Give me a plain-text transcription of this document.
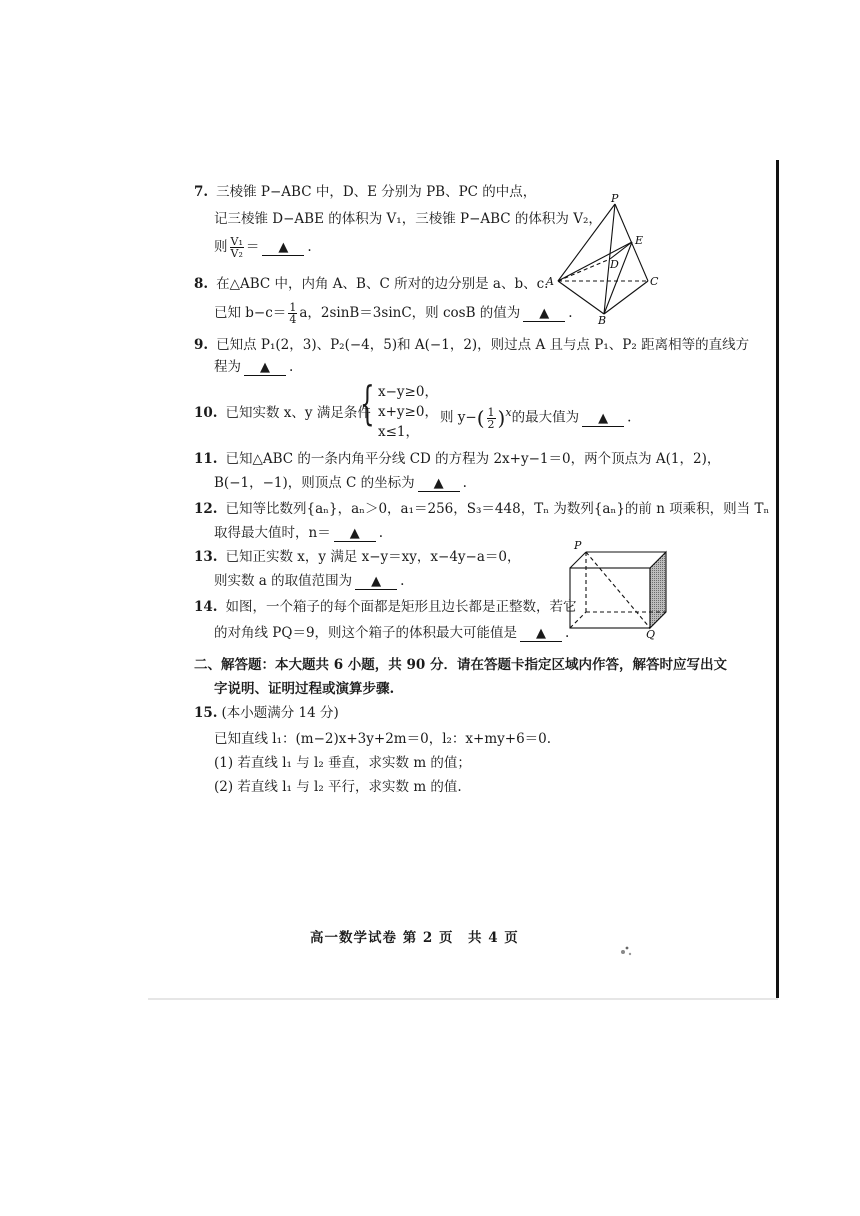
7. 三棱锥 P−ABC 中，D、E 分别为 PB、PC 的中点，
记三棱锥 D−ABE 的体积为 V₁，三棱锥 P−ABC 的体积为 V₂，
则 $\frac{\text{V₁}}{\text{V₂}}$ ＝ ▲ .
P
E
D
A	C
B
8. 在△ABC 中，内角 A、B、C 所对的边分别是 a、b、c.
已知 $b-c= \frac{1}{4}$ a，2sinB＝3sinC，则 cosB 的值为 ▲ .
9. 已知点 P₁(2，3)、P₂(−4，5)和 A(−1，2)，则过点 A 且与点 P₁、P₂ 距离相等的直线方
程为 ▲ .
10. 已知实数 x、y 满足条件
{ x−y≥0，
x+y≥0，
x≤1，
则 $y-( \frac{1}{2} )^x$的最大值为 ▲ .
11. 已知△ABC 的一条内角平分线 CD 的方程为 2x+y−1＝0，两个顶点为 A(1，2)，
B(−1，−1)，则顶点 C 的坐标为 ▲ .
12. 已知等比数列{aₙ}，aₙ＞0，a₁＝256，S₃＝448，Tₙ 为数列{aₙ}的前 n 项乘积，则当 Tₙ
取得最大值时，n＝ ▲ .
13. 已知正实数 x，y 满足 x−y＝xy，x−4y−a＝0，
则实数 a 的取值范围为 ▲ .
P
Q
14. 如图，一个箱子的每个面都是矩形且边长都是正整数，若它
的对角线 PQ＝9，则这个箱子的体积最大可能值是 ▲ .
二、解答题：本大题共 6 小题，共 90 分．请在答题卡指定区域内作答，解答时应写出文
字说明、证明过程或演算步骤.
15. (本小题满分 14 分)
已知直线 l₁：(m−2)x+3y+2m＝0，l₂：x+my+6＝0.
(1) 若直线 l₁ 与 l₂ 垂直，求实数 m 的值；
(2) 若直线 l₁ 与 l₂ 平行，求实数 m 的值.
高一数学试卷 第 2 页　共 4 页
